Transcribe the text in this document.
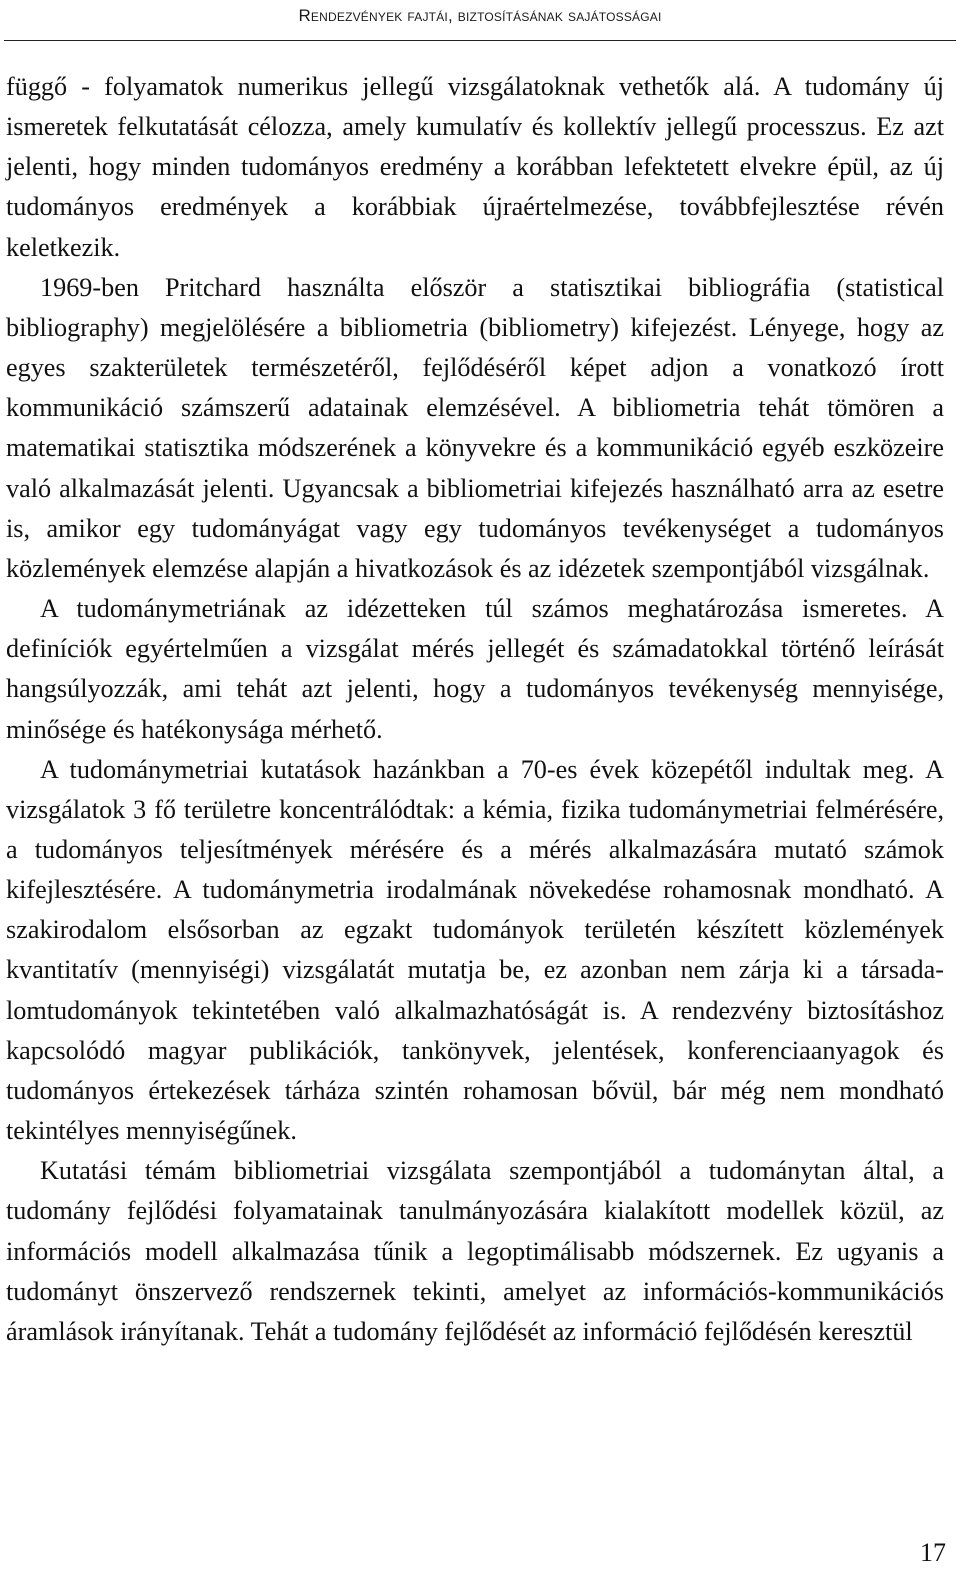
Rendezvények fajtái, biztosításának sajátosságai

függő - folyamatok numerikus jellegű vizsgálatoknak vethetők alá. A tudomány új ismeretek felkutatását célozza, amely kumulatív és kollektív jellegű processzus. Ez azt jelenti, hogy minden tudományos eredmény a korábban lefektetett elvekre épül, az új tudományos eredmények a korábbiak újraértelmezése, továbbfejlesztése révén keletkezik.

1969-ben Pritchard használta először a statisztikai bibliográfia (statistical bibliography) megjelölésére a bibliometria (bibliometry) kifejezést. Lényege, hogy az egyes szakterületek természetéről, fejlődéséről képet adjon a vonatkozó írott kommunikáció számszerű adatainak elemzésével. A bibliometria tehát tömören a matematikai statisztika módszerének a könyvekre és a kommunikáció egyéb eszközeire való alkalmazását jelenti. Ugyancsak a bibliometriai kifejezés használható arra az esetre is, amikor egy tudományágat vagy egy tudományos tevékenységet a tudományos közlemények elemzése alapján a hivatkozások és az idézetek szempontjából vizsgálnak.

A tudománymetriának az idézetteken túl számos meghatározása ismeretes. A definíciók egyértelműen a vizsgálat mérés jellegét és számadatokkal történő leírását hangsúlyozzák, ami tehát azt jelenti, hogy a tudományos tevékenység mennyisége, minősége és hatékonysága mérhető.

A tudománymetriai kutatások hazánkban a 70-es évek közepétől indultak meg. A vizsgálatok 3 fő területre koncentrálódtak: a kémia, fizika tudománymetriai felmérésére, a tudományos teljesítmények mérésére és a mérés alkalmazására mutató számok kifejlesztésére. A tudománymetria irodalmának növekedése rohamosnak mondható. A szakirodalom elsősorban az egzakt tudományok területén készített közlemények kvantitatív (mennyiségi) vizsgálatát mutatja be, ez azonban nem zárja ki a társadalomtudományok tekintetében való alkalmazhatóságát is. A rendezvény biztosításhoz kapcsolódó magyar publikációk, tankönyvek, jelentések, konferenciaanyagok és tudományos értekezések tárháza szintén rohamosan bővül, bár még nem mondható tekintélyes mennyiségűnek.

Kutatási témám bibliometriai vizsgálata szempontjából a tudománytan által, a tudomány fejlődési folyamatainak tanulmányozására kialakított modellek közül, az információs modell alkalmazása tűnik a legoptimálisabb módszernek. Ez ugyanis a tudományt önszervező rendszernek tekinti, amelyet az információs-kommunikációs áramlások irányítanak. Tehát a tudomány fejlődését az információ fejlődésén keresztül

17
